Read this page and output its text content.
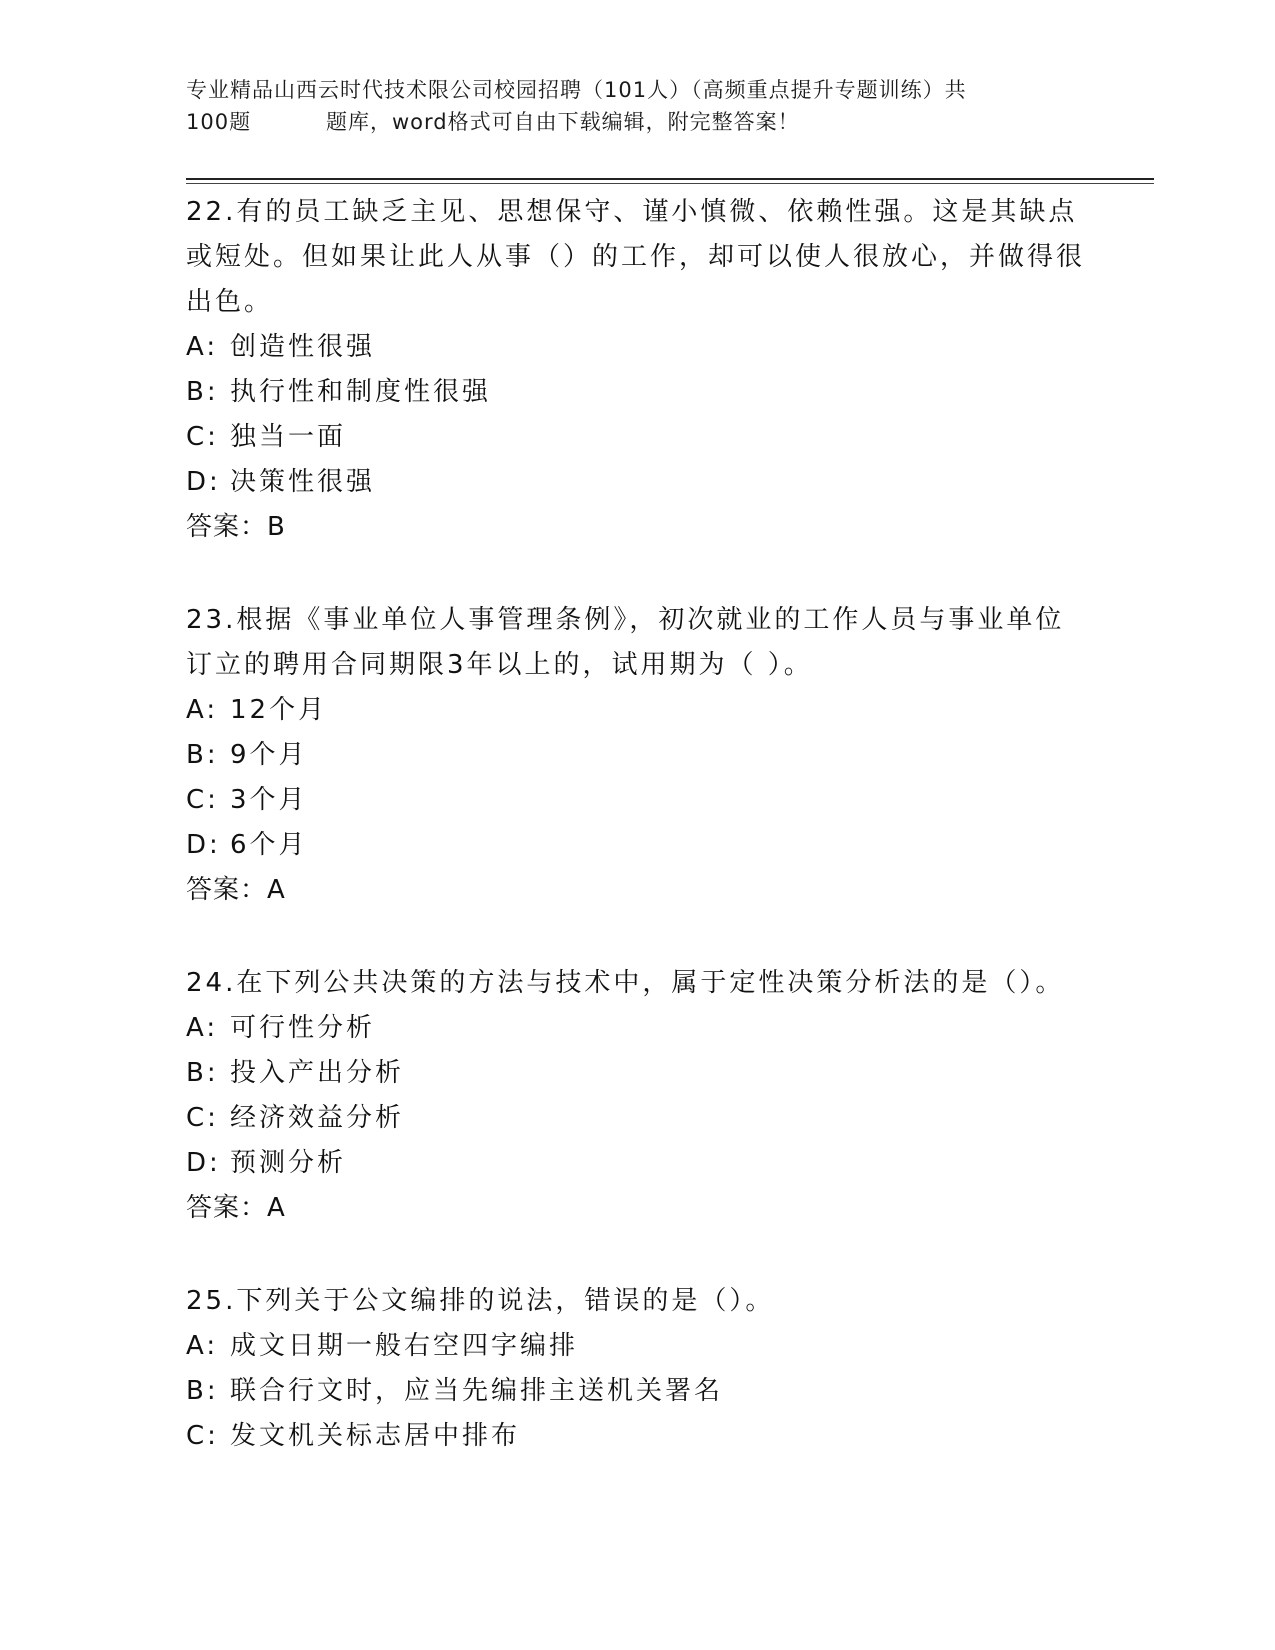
专业精品山西云时代技术限公司校园招聘（101人）（高频重点提升专题训练）共
100题	题库，word格式可自由下载编辑，附完整答案！

22.有的员工缺乏主见、思想保守、谨小慎微、依赖性强。这是其缺点或短处。但如果让此人从事（）的工作，却可以使人很放心，并做得很出色。

A: 创造性很强

B: 执行性和制度性很强

C: 独当一面

D: 决策性很强

答案：B

23.根据《事业单位人事管理条例》，初次就业的工作人员与事业单位订立的聘用合同期限3年以上的，试用期为（ ）。

A: 12个月

B: 9个月

C: 3个月

D: 6个月

答案：A

24.在下列公共决策的方法与技术中，属于定性决策分析法的是（）。

A: 可行性分析

B: 投入产出分析

C: 经济效益分析

D: 预测分析

答案：A

25.下列关于公文编排的说法，错误的是（）。

A: 成文日期一般右空四字编排

B: 联合行文时，应当先编排主送机关署名

C: 发文机关标志居中排布
